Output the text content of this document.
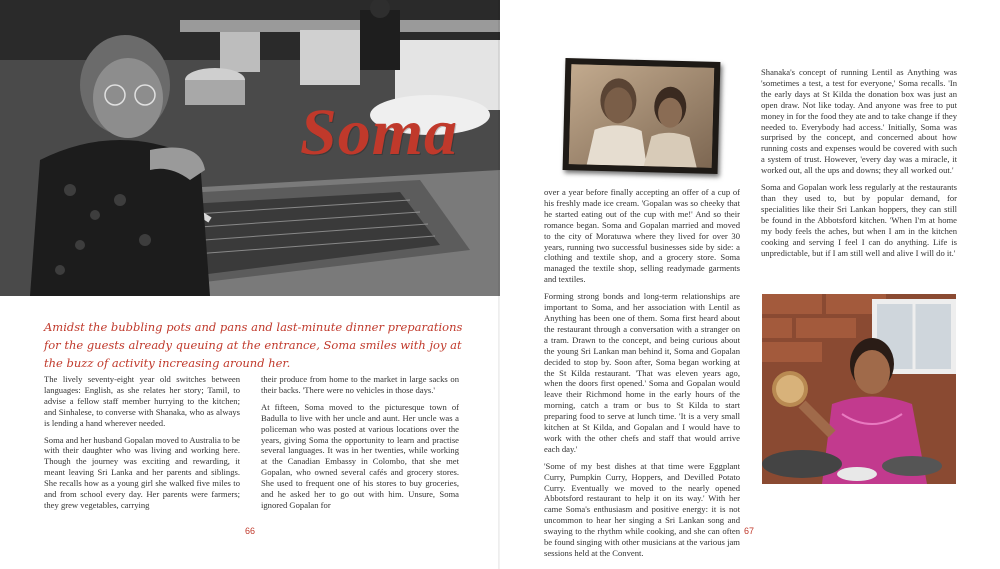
Soma

Amidst the bubbling pots and pans and last-minute dinner preparations for the guests already queuing at the entrance, Soma smiles with joy at the buzz of activity increasing around her.

The lively seventy-eight year old switches between languages: English, as she relates her story; Tamil, to advise a fellow staff member hurrying to the kitchen; and Sinhalese, to converse with Shanaka, who as always is lending a hand wherever needed.

Soma and her husband Gopalan moved to Australia to be with their daughter who was living and working here. Though the journey was exciting and rewarding, it meant leaving Sri Lanka and her parents and siblings. She recalls how as a young girl she walked five miles to and from school every day. Her parents were farmers; they grew vegetables, carrying

their produce from home to the market in large sacks on their backs. 'There were no vehicles in those days.'

At fifteen, Soma moved to the picturesque town of Badulla to live with her uncle and aunt. Her uncle was a policeman who was posted at various locations over the years, giving Soma the opportunity to learn and practise several languages. It was in her twenties, while working at the Canadian Embassy in Colombo, that she met Gopalan, who owned several cafés and grocery stores. She used to frequent one of his stores to buy groceries, and he asked her to go out with him. Unsure, Soma ignored Gopalan for

66

over a year before finally accepting an offer of a cup of his freshly made ice cream. 'Gopalan was so cheeky that he started eating out of the cup with me!' And so their romance began. Soma and Gopalan married and moved to the city of Moratuwa where they lived for over 30 years, running two successful businesses side by side: a clothing and textile shop, and a grocery store. Soma managed the textile shop, selling readymade garments and textiles.

Forming strong bonds and long-term relationships are important to Soma, and her association with Lentil as Anything has been one of them. Soma first heard about the restaurant through a conversation with a stranger on a tram. Drawn to the concept, and being curious about the young Sri Lankan man behind it, Soma and Gopalan decided to stop by. Soon after, Soma began working at the St Kilda restaurant. 'That was eleven years ago, when the doors first opened.' Soma and Gopalan would leave their Richmond home in the early hours of the morning, catch a tram or bus to St Kilda to start preparing food to serve at lunch time. 'It is a very small kitchen at St Kilda, and Gopalan and I would have to work with the other chefs and staff that would arrive each day.'

'Some of my best dishes at that time were Eggplant Curry, Pumpkin Curry, Hoppers, and Devilled Potato Curry. Eventually we moved to the nearly opened Abbotsford restaurant to help it on its way.' With her came Soma's enthusiasm and positive energy: it is not uncommon to hear her singing a Sri Lankan song and swaying to the rhythm while cooking, and she can often be found singing with other musicians at the various jam sessions held at the Convent.

Shanaka's concept of running Lentil as Anything was 'sometimes a test, a test for everyone,' Soma recalls. 'In the early days at St Kilda the donation box was just an open draw. Not like today. And anyone was free to put money in for the food they ate and to take change if they needed to. Everybody had access.' Initially, Soma was surprised by the concept, and concerned about how running costs and expenses would be covered with such a system of trust. However, 'every day was a miracle, it worked out, all the ups and downs; they all worked out.'

Soma and Gopalan work less regularly at the restaurants than they used to, but by popular demand, for specialities like their Sri Lankan hoppers, they can still be found in the Abbotsford kitchen. 'When I'm at home my body feels the aches, but when I am in the kitchen cooking and serving I feel I can do anything. Life is unpredictable, but if I am still well and alive I will do it.'

67
